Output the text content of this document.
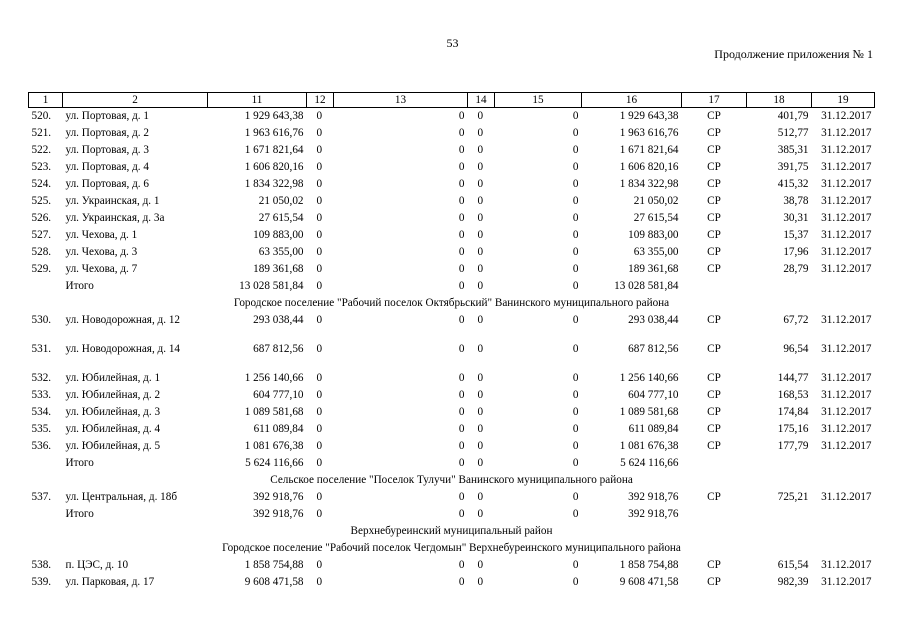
53
Продолжение приложения № 1
1	2	11	12	13	14	15	16	17	18	19
520.	ул. Портовая, д. 1	1 929 643,38	0	0	0	0	1 929 643,38	СР	401,79	31.12.2017
521.	ул. Портовая, д. 2	1 963 616,76	0	0	0	0	1 963 616,76	СР	512,77	31.12.2017
522.	ул. Портовая, д. 3	1 671 821,64	0	0	0	0	1 671 821,64	СР	385,31	31.12.2017
523.	ул. Портовая, д. 4	1 606 820,16	0	0	0	0	1 606 820,16	СР	391,75	31.12.2017
524.	ул. Портовая, д. 6	1 834 322,98	0	0	0	0	1 834 322,98	СР	415,32	31.12.2017
525.	ул. Украинская, д. 1	21 050,02	0	0	0	0	21 050,02	СР	38,78	31.12.2017
526.	ул. Украинская, д. 3а	27 615,54	0	0	0	0	27 615,54	СР	30,31	31.12.2017
527.	ул. Чехова, д. 1	109 883,00	0	0	0	0	109 883,00	СР	15,37	31.12.2017
528.	ул. Чехова, д. 3	63 355,00	0	0	0	0	63 355,00	СР	17,96	31.12.2017
529.	ул. Чехова, д. 7	189 361,68	0	0	0	0	189 361,68	СР	28,79	31.12.2017
	Итого	13 028 581,84	0	0	0	0	13 028 581,84			
Городское поселение "Рабочий поселок Октябрьский" Ванинского муниципального района										
530.	ул. Новодорожная, д. 12	293 038,44	0	0	0	0	293 038,44	СР	67,72	31.12.2017
531.	ул. Новодорожная, д. 14	687 812,56	0	0	0	0	687 812,56	СР	96,54	31.12.2017
532.	ул. Юбилейная, д. 1	1 256 140,66	0	0	0	0	1 256 140,66	СР	144,77	31.12.2017
533.	ул. Юбилейная, д. 2	604 777,10	0	0	0	0	604 777,10	СР	168,53	31.12.2017
534.	ул. Юбилейная, д. 3	1 089 581,68	0	0	0	0	1 089 581,68	СР	174,84	31.12.2017
535.	ул. Юбилейная, д. 4	611 089,84	0	0	0	0	611 089,84	СР	175,16	31.12.2017
536.	ул. Юбилейная, д. 5	1 081 676,38	0	0	0	0	1 081 676,38	СР	177,79	31.12.2017
	Итого	5 624 116,66	0	0	0	0	5 624 116,66			
Сельское поселение "Поселок Тулучи" Ванинского муниципального района										
537.	ул. Центральная, д. 18б	392 918,76	0	0	0	0	392 918,76	СР	725,21	31.12.2017
	Итого	392 918,76	0	0	0	0	392 918,76			
Верхнебуреинский муниципальный район										
Городское поселение "Рабочий поселок Чегдомын" Верхнебуреинского муниципального района										
538.	п. ЦЭС, д. 10	1 858 754,88	0	0	0	0	1 858 754,88	СР	615,54	31.12.2017
539.	ул. Парковая, д. 17	9 608 471,58	0	0	0	0	9 608 471,58	СР	982,39	31.12.2017
